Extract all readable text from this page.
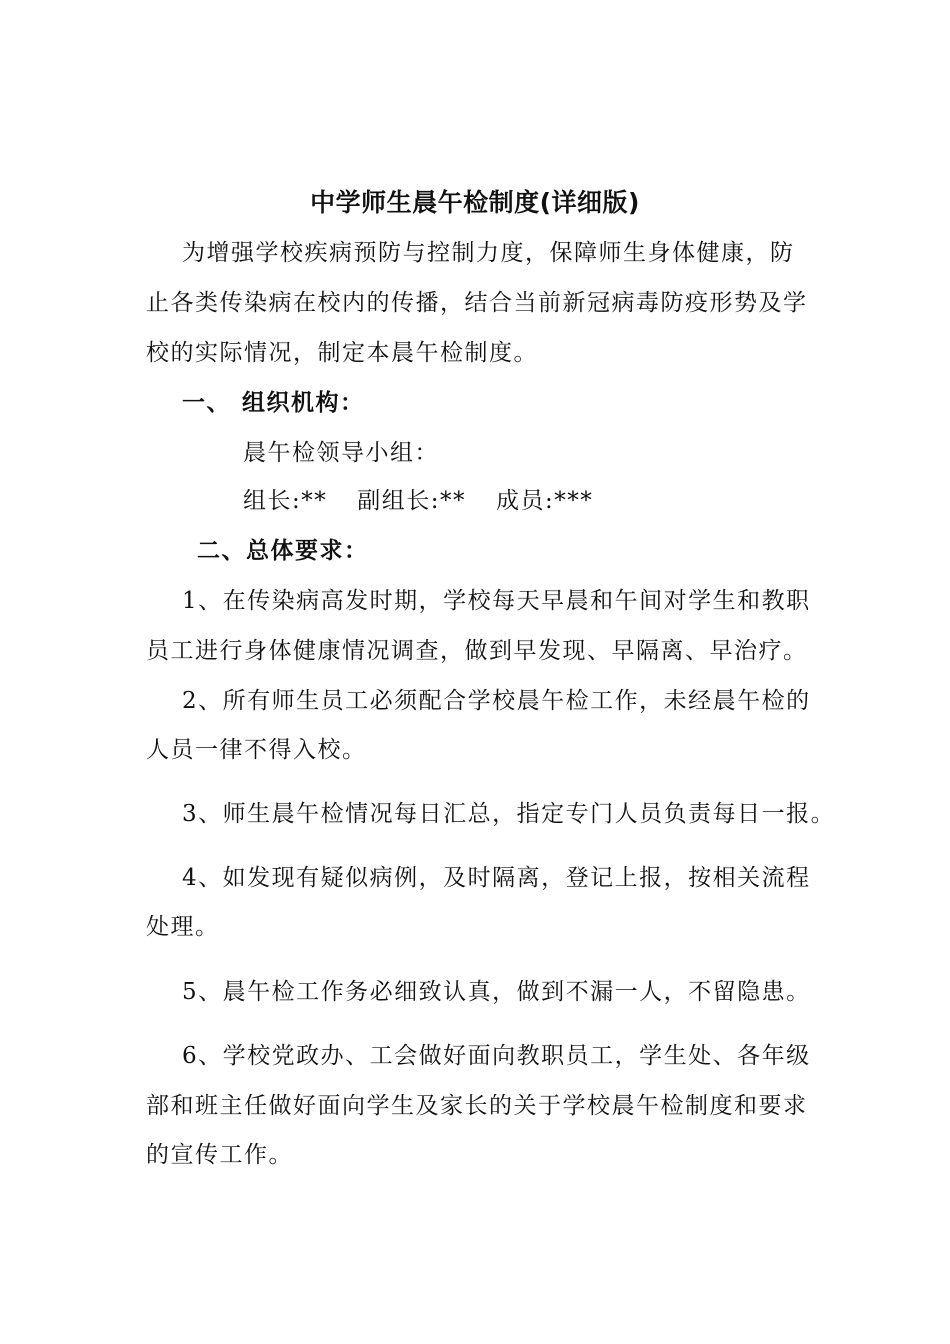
中学师生晨午检制度(详细版)
为增强学校疾病预防与控制力度，保障师生身体健康，防
止各类传染病在校内的传播，结合当前新冠病毒防疫形势及学
校的实际情况，制定本晨午检制度。
一、 组织机构：
晨午检领导小组：
组长:** 副组长:** 成员:***
二、总体要求：
1、在传染病高发时期，学校每天早晨和午间对学生和教职
员工进行身体健康情况调查，做到早发现、早隔离、早治疗。
2、所有师生员工必须配合学校晨午检工作，未经晨午检的
人员一律不得入校。
3、师生晨午检情况每日汇总，指定专门人员负责每日一报。
4、如发现有疑似病例，及时隔离，登记上报，按相关流程
处理。
5、晨午检工作务必细致认真，做到不漏一人，不留隐患。
6、学校党政办、工会做好面向教职员工，学生处、各年级
部和班主任做好面向学生及家长的关于学校晨午检制度和要求
的宣传工作。
